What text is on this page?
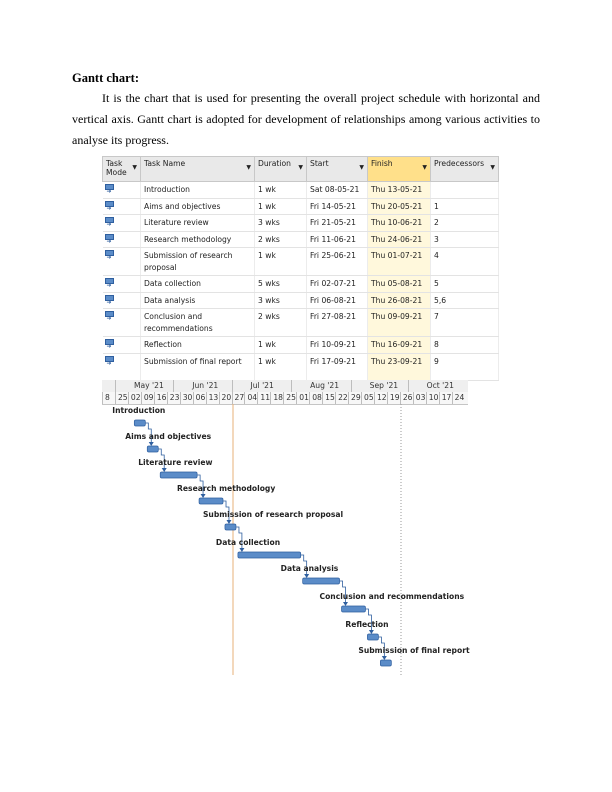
Gantt chart:
It is the chart that is used for presenting the overall project schedule with horizontal and vertical axis. Gantt chart is adopted for development of relationships among various activities to analyse its progress.
Task Mode
▼	Task Name ▼	Duration ▼	Start ▼	Finish ▼	Predecessors ▼

➜	Introduction	1 wk	Sat 08-05-21	Thu 13-05-21	
➜	Aims and objectives	1 wk	Fri 14-05-21	Thu 20-05-21	1
➜	Literature review	3 wks	Fri 21-05-21	Thu 10-06-21	2
➜	Research methodology	2 wks	Fri 11-06-21	Thu 24-06-21	3
➜	Submission of research proposal	1 wk	Fri 25-06-21	Thu 01-07-21	4
➜	Data collection	5 wks	Fri 02-07-21	Thu 05-08-21	5
➜	Data analysis	3 wks	Fri 06-08-21	Thu 26-08-21	5,6
➜	Conclusion and recommendations	2 wks	Fri 27-08-21	Thu 09-09-21	7
➜	Reflection	1 wk	Fri 10-09-21	Thu 16-09-21	8
➜	Submission of final report	1 wk	Fri 17-09-21	Thu 23-09-21	9
May '21	Jun '21	Jul '21	Aug '21	Sep '21	Oct '21
8	25 02 09 16 23 30 06 13 20 27 04 11 18 25 01 08 15 22 29 05 12 19 26 03 10 17 24
Introduction
Aims and objectives
Literature review
Research methodology
Submission of research proposal
Data collection
Data analysis
Conclusion and recommendations
Reflection
Submission of final report
